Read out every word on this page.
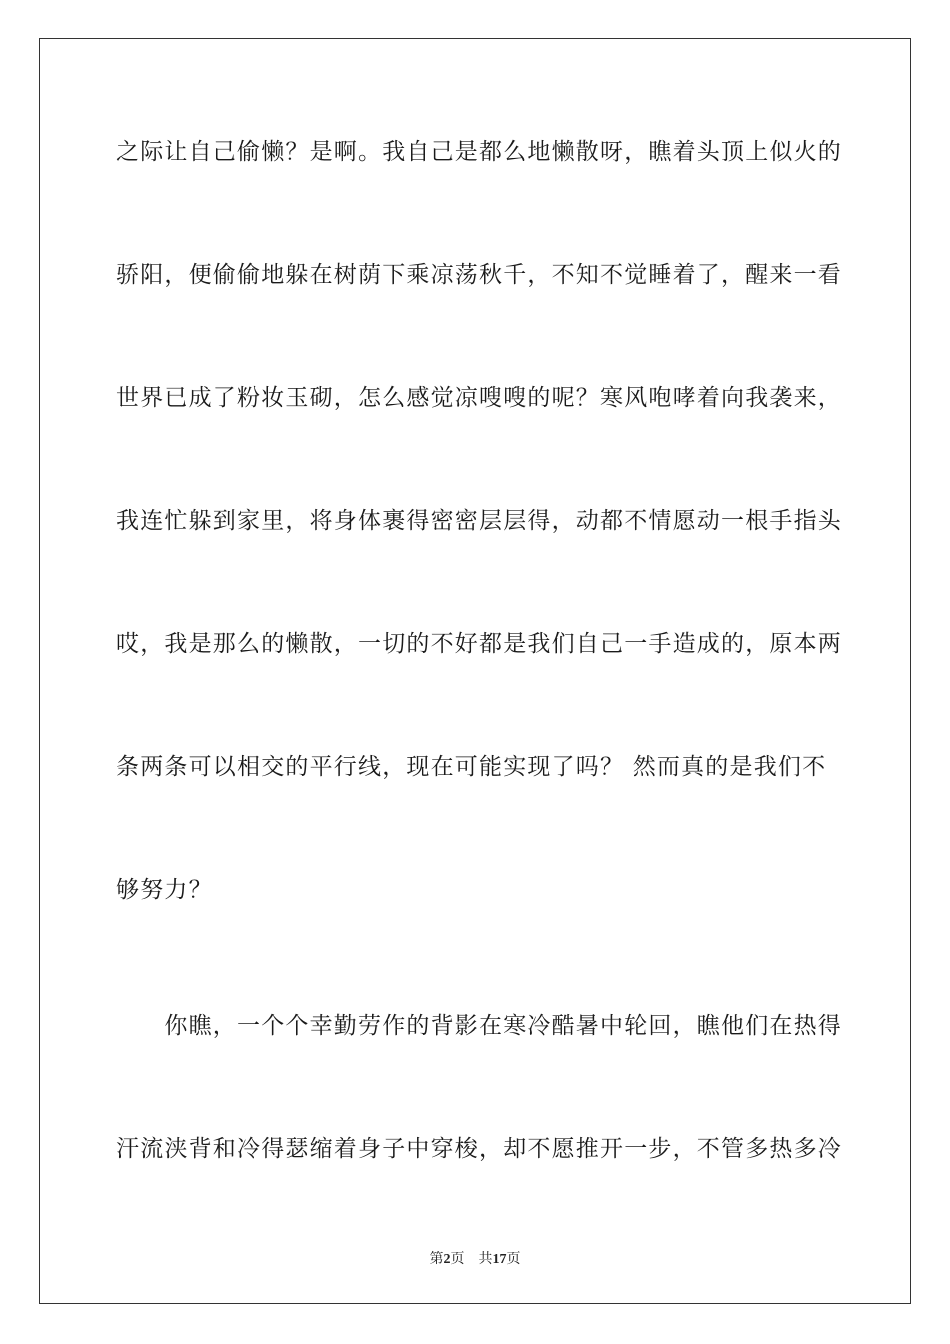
之际让自己偷懒？是啊。我自己是都么地懒散呀，瞧着头顶上似火的
骄阳，便偷偷地躲在树荫下乘凉荡秋千，不知不觉睡着了，醒来一看
世界已成了粉妆玉砌，怎么感觉凉嗖嗖的呢？寒风咆哮着向我袭来，
我连忙躲到家里，将身体裹得密密层层得，动都不情愿动一根手指头
哎，我是那么的懒散，一切的不好都是我们自己一手造成的，原本两
条两条可以相交的平行线，现在可能实现了吗？ 然而真的是我们不
够努力？
　　你瞧，一个个幸勤劳作的背影在寒冷酷暑中轮回，瞧他们在热得
汗流浃背和冷得瑟缩着身子中穿梭，却不愿推开一步，不管多热多冷
第2页 共17页
